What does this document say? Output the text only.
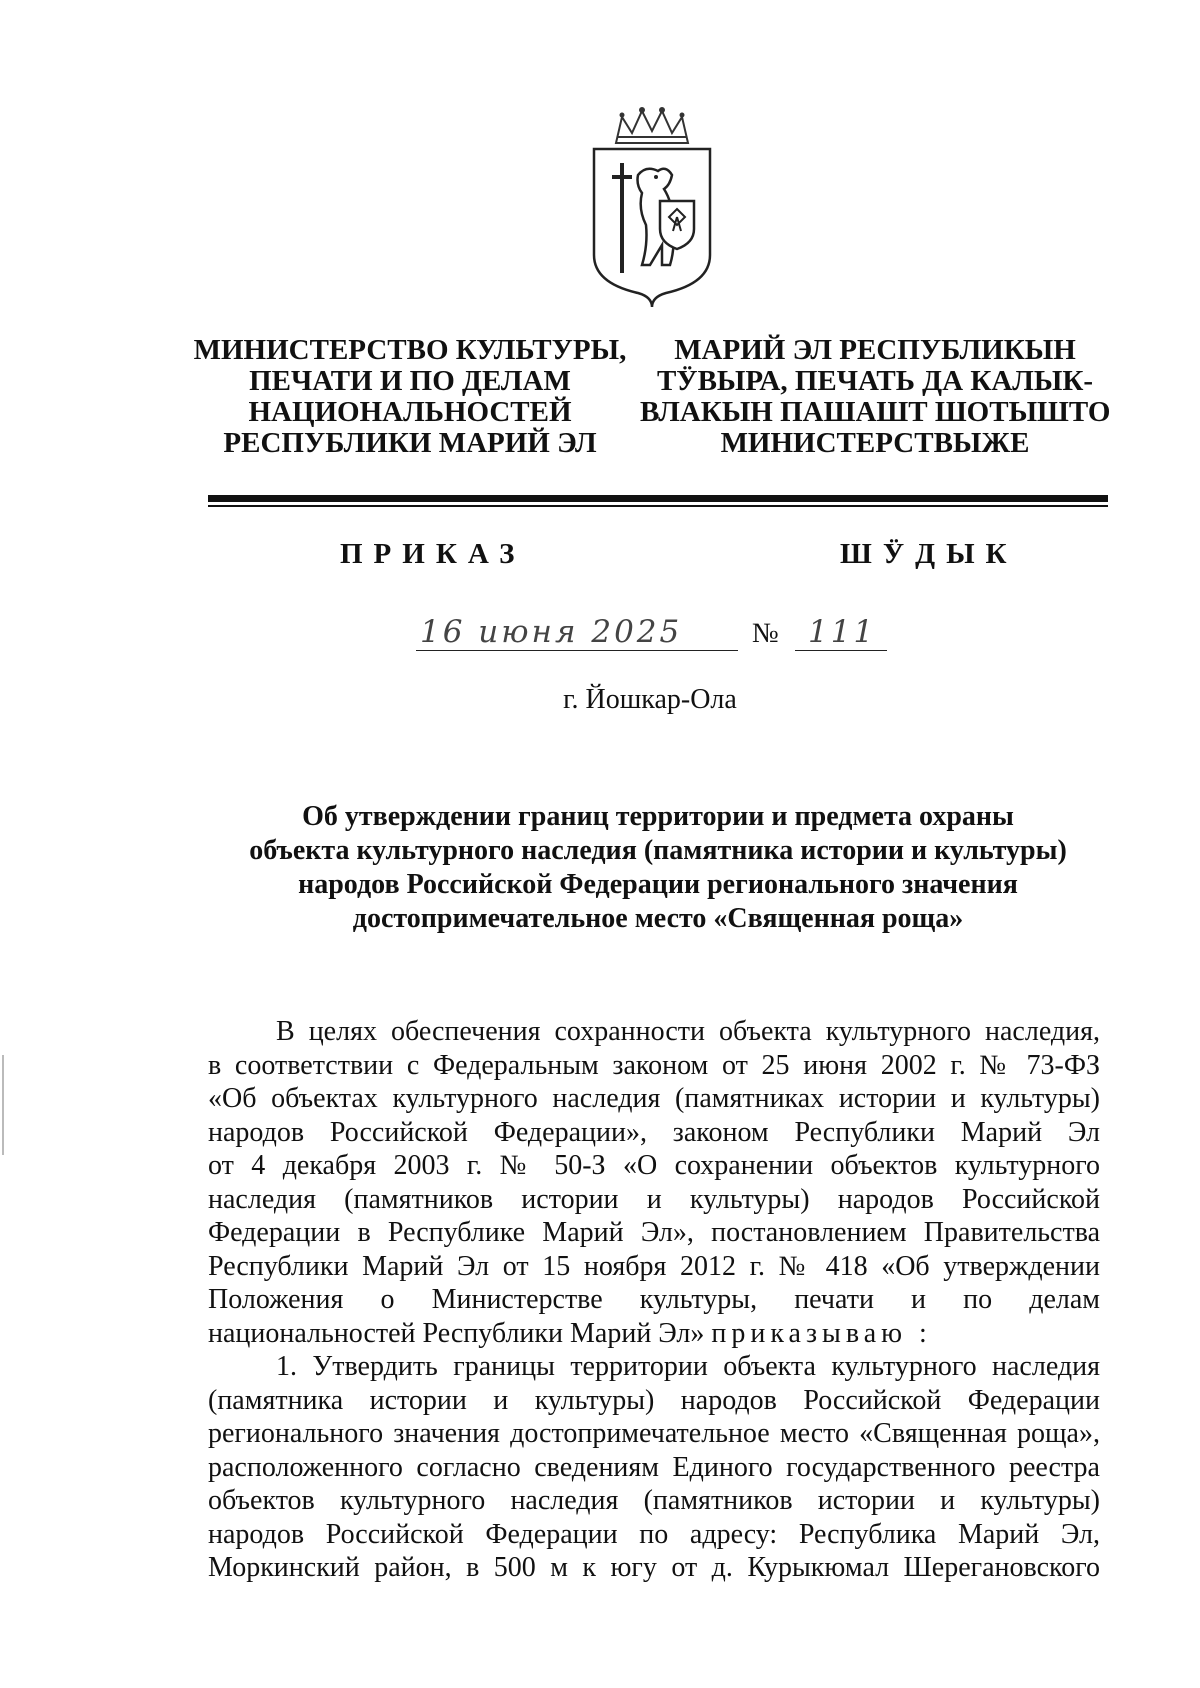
МИНИСТЕРСТВО КУЛЬТУРЫ,
ПЕЧАТИ И ПО ДЕЛАМ
НАЦИОНАЛЬНОСТЕЙ
РЕСПУБЛИКИ МАРИЙ ЭЛ
МАРИЙ ЭЛ РЕСПУБЛИКЫН
ТӰВЫРА, ПЕЧАТЬ ДА КАЛЫК-
ВЛАКЫН ПАШАШТ ШОТЫШТО
МИНИСТЕРСТВЫЖЕ
ПРИКАЗ	ШӰДЫК
16 июня 2025 № 111
г. Йошкар-Ола
Об утверждении границ территории и предмета охраны
объекта культурного наследия (памятника истории и культуры)
народов Российской Федерации регионального значения
достопримечательное место «Священная роща»
В целях обеспечения сохранности объекта культурного наследия,
в соответствии с Федеральным законом от 25 июня 2002 г. № 73-ФЗ
«Об объектах культурного наследия (памятниках истории и культуры)
народов Российской Федерации», законом Республики Марий Эл
от 4 декабря 2003 г. № 50-З «О сохранении объектов культурного
наследия (памятников истории и культуры) народов Российской
Федерации в Республике Марий Эл», постановлением Правительства
Республики Марий Эл от 15 ноября 2012 г. № 418 «Об утверждении
Положения о Министерстве культуры, печати и по делам
национальностей Республики Марий Эл» приказываю :
1. Утвердить границы территории объекта культурного наследия
(памятника истории и культуры) народов Российской Федерации
регионального значения достопримечательное место «Священная роща»,
расположенного согласно сведениям Единого государственного реестра
объектов культурного наследия (памятников истории и культуры)
народов Российской Федерации по адресу: Республика Марий Эл,
Моркинский район, в 500 м к югу от д. Курыкюмал Шерегановского
